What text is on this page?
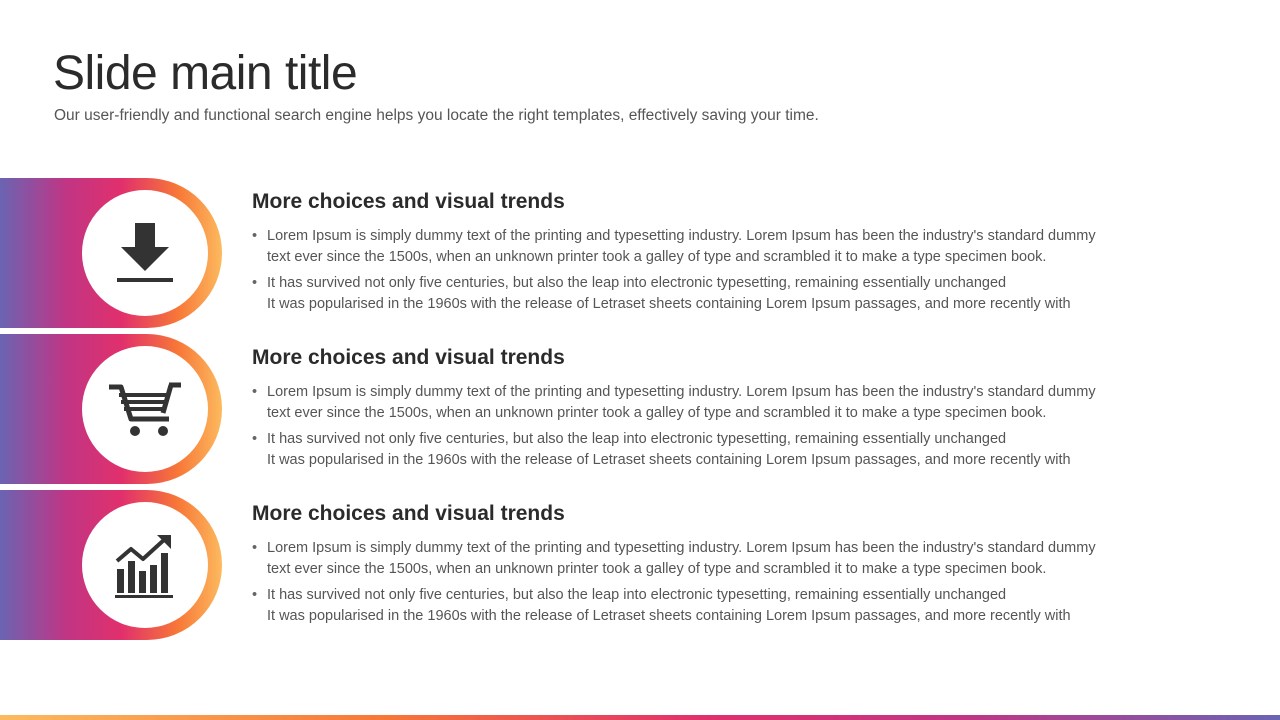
Slide main title

Our user-friendly and functional search engine helps you locate the right templates, effectively saving your time.

More choices and visual trends
• Lorem Ipsum is simply dummy text of the printing and typesetting industry. Lorem Ipsum has been the industry's standard dummy
text ever since the 1500s, when an unknown printer took a galley of type and scrambled it to make a type specimen book.
• It has survived not only five centuries, but also the leap into electronic typesetting, remaining essentially unchanged
It was popularised in the 1960s with the release of Letraset sheets containing Lorem Ipsum passages, and more recently with
More choices and visual trends
• Lorem Ipsum is simply dummy text of the printing and typesetting industry. Lorem Ipsum has been the industry's standard dummy
text ever since the 1500s, when an unknown printer took a galley of type and scrambled it to make a type specimen book.
• It has survived not only five centuries, but also the leap into electronic typesetting, remaining essentially unchanged
It was popularised in the 1960s with the release of Letraset sheets containing Lorem Ipsum passages, and more recently with
More choices and visual trends
• Lorem Ipsum is simply dummy text of the printing and typesetting industry. Lorem Ipsum has been the industry's standard dummy
text ever since the 1500s, when an unknown printer took a galley of type and scrambled it to make a type specimen book.
• It has survived not only five centuries, but also the leap into electronic typesetting, remaining essentially unchanged
It was popularised in the 1960s with the release of Letraset sheets containing Lorem Ipsum passages, and more recently with
